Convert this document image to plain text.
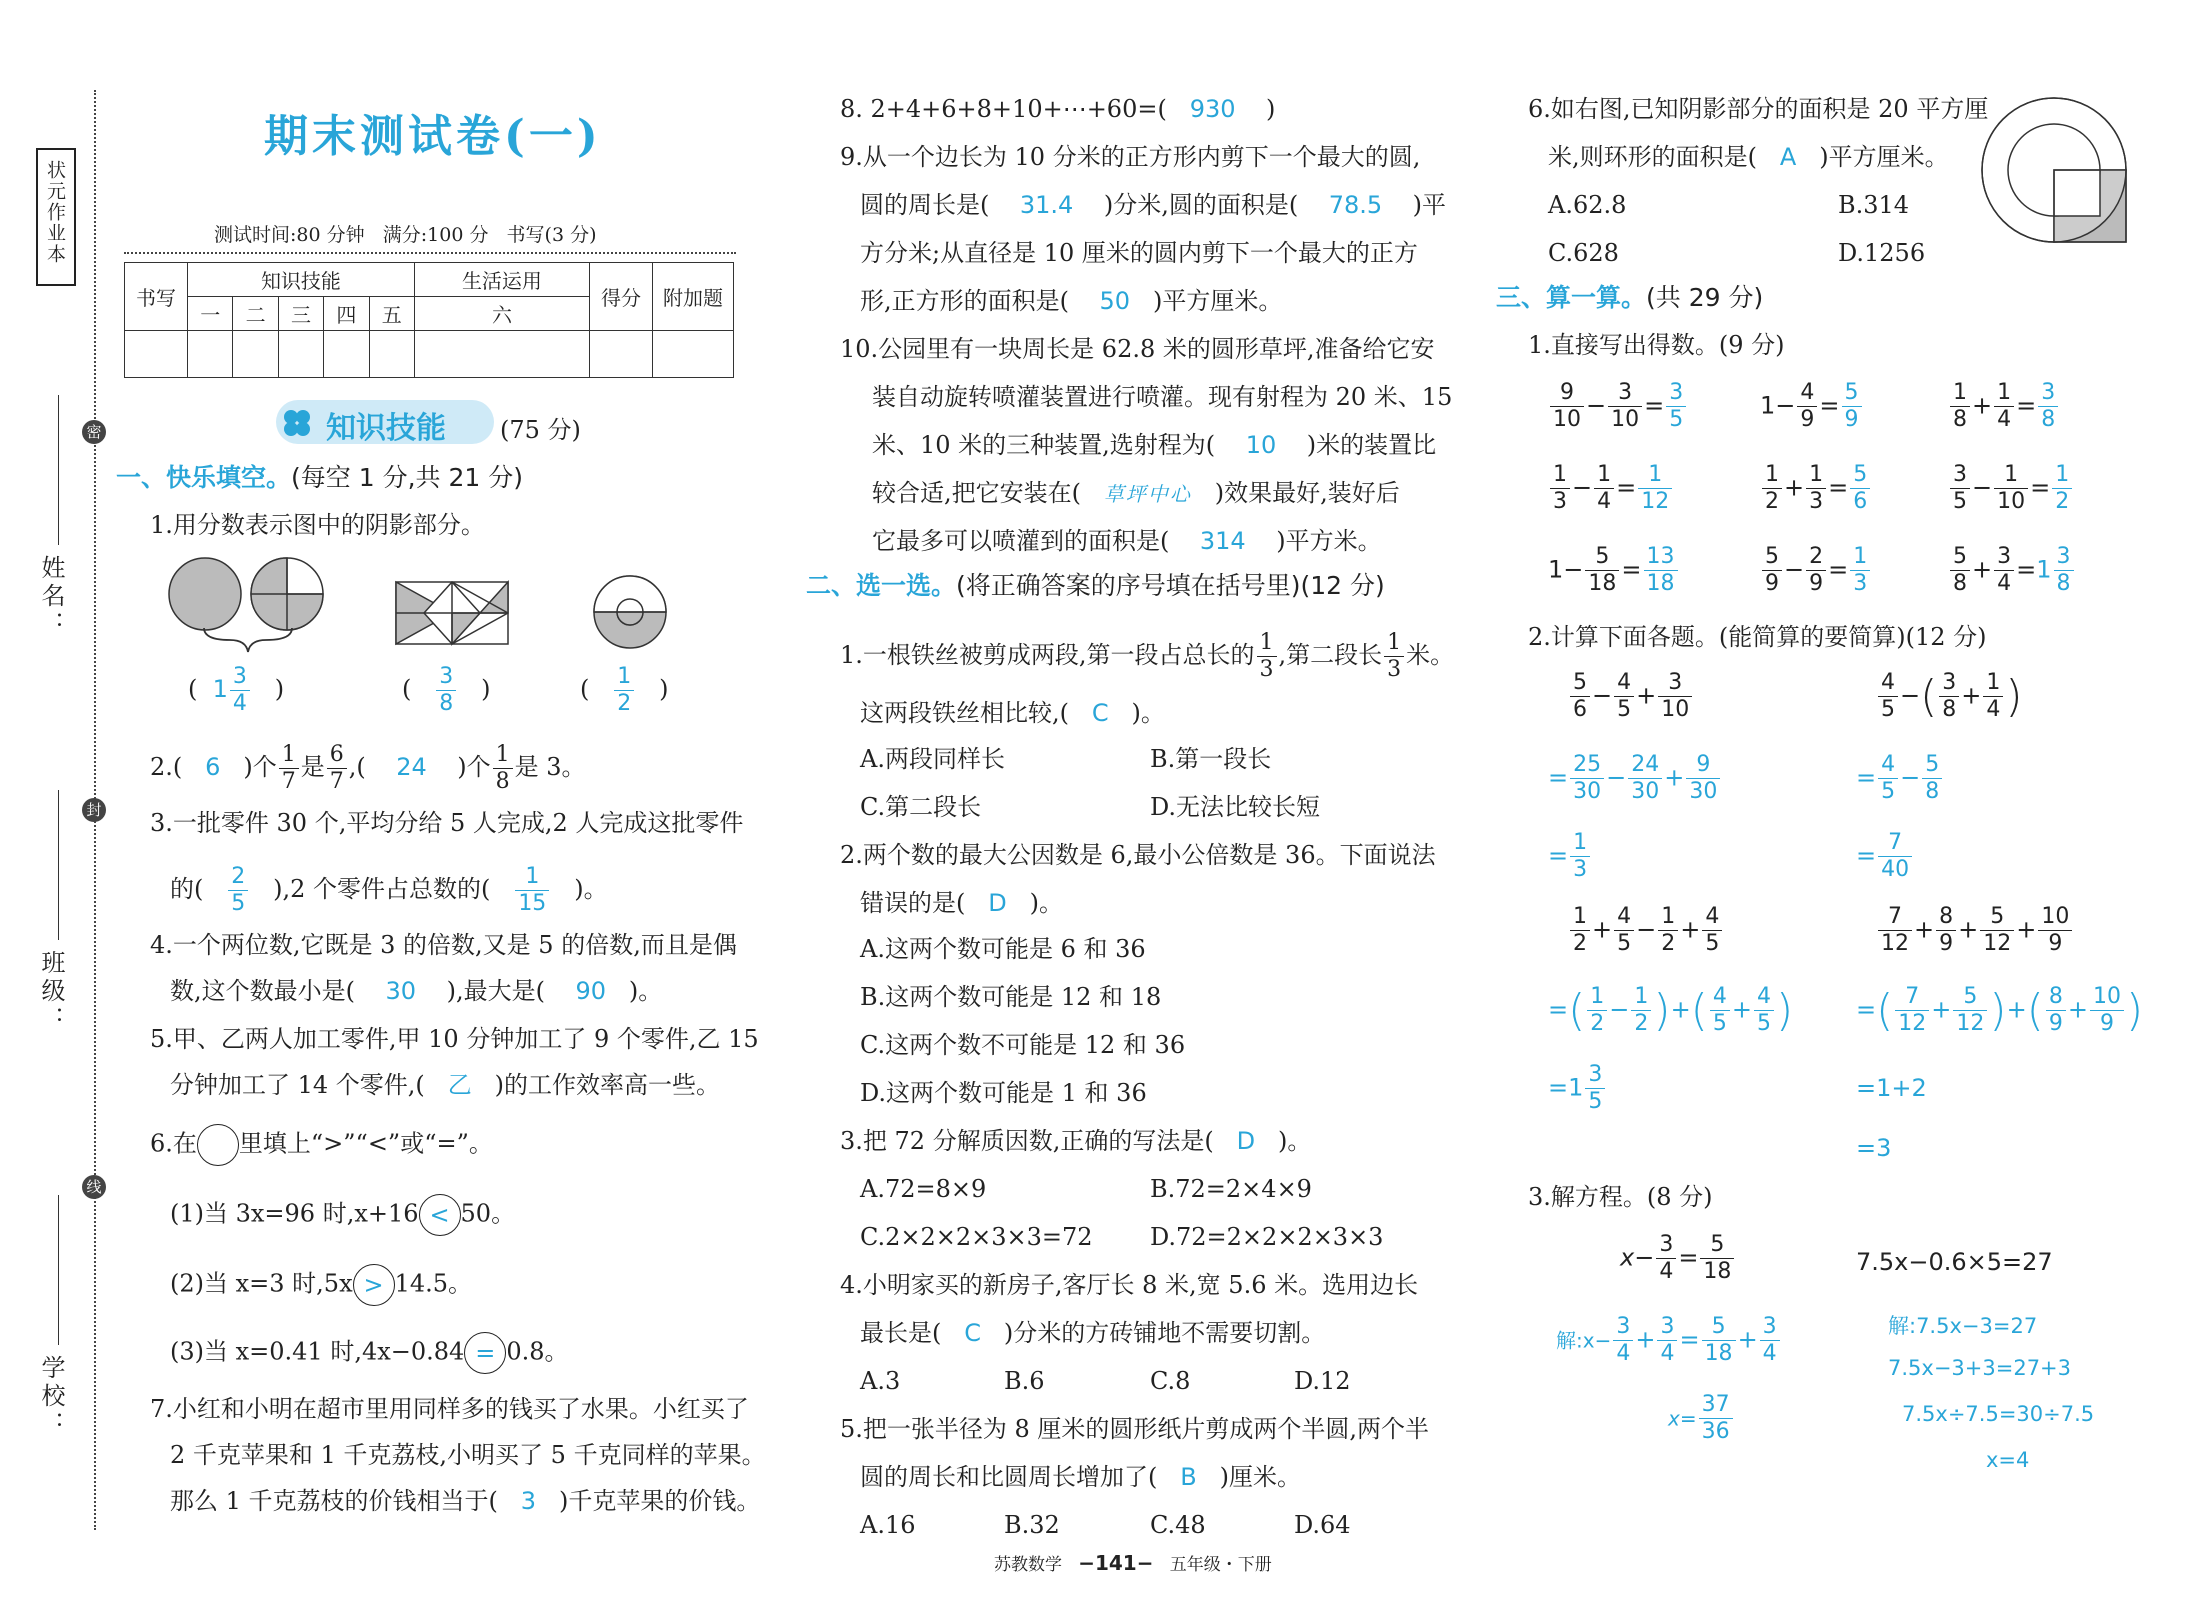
状元作业本
密
封
线
姓名：
班级：
学校：
期末测试卷(一)
测试时间:80 分钟   满分:100 分   书写(3 分)
书写	知识技能					生活运用	得分	附加题
	一	二	三	四	五	六		

知识技能 (75 分)
一、快乐填空。(每空 1 分,共 21 分)
1.用分数表示图中的阴影部分。
(  $1 \frac{3}{4}$ )	( $\frac{3}{8}$ )	( $\frac{1}{2}$ )
2.( 6 )个 $\frac{1}{7}$ 是 $\frac{6}{7}$ ,( 24 )个 $\frac{1}{8}$ 是 3。
3.一批零件 30 个,平均分给 5 人完成,2 人完成这批零件
的( $\frac{2}{5} ),2$ 个零件占总数的( $\frac{1}{15}$ )。
4.一个两位数,它既是 3 的倍数,又是 5 的倍数,而且是偶
数,这个数最小是( 30 ),最大是( 90 )。
5.甲、乙两人加工零件,甲 10 分钟加工了 9 个零件,乙 15
分钟加工了 14 个零件,( 乙 )的工作效率高一些。
6.在 里填上“>”“<”或“=”。
(1)当 3x=96 时,x+16 < 50。
(2)当 x=3 时,5x > 14.5。
(3)当 x=0.41 时,4x−0.84 = 0.8。
7.小红和小明在超市里用同样多的钱买了水果。小红买了
2 千克苹果和 1 千克荔枝,小明买了 5 千克同样的苹果。
那么 1 千克荔枝的价钱相当于( 3 )千克苹果的价钱。
8. 2+4+6+8+10+⋯+60=( 930 )
9.从一个边长为 10 分米的正方形内剪下一个最大的圆,
圆的周长是( 31.4 )分米,圆的面积是( 78.5 )平
方分米;从直径是 10 厘米的圆内剪下一个最大的正方
形,正方形的面积是( 50 )平方厘米。
10.公园里有一块周长是 62.8 米的圆形草坪,准备给它安
装自动旋转喷灌装置进行喷灌。现有射程为 20 米、15
米、10 米的三种装置,选射程为( 10 )米的装置比
较合适,把它安装在( 草坪中心 )效果最好,装好后
它最多可以喷灌到的面积是( 314 )平方米。
二、选一选。(将正确答案的序号填在括号里)(12 分)
1.一根铁丝被剪成两段,第一段占总长的 $\frac{1}{3}$ ,第二段长 $\frac{1}{3}$ 米。
这两段铁丝相比较,( C )。
A.两段同样长	B.第一段长
C.第二段长	D.无法比较长短
2.两个数的最大公因数是 6,最小公倍数是 36。下面说法
错误的是( D )。
A.这两个数可能是 6 和 36
B.这两个数可能是 12 和 18
C.这两个数不可能是 12 和 36
D.这两个数可能是 1 和 36
3.把 72 分解质因数,正确的写法是( D )。
A.72=8×9	B.72=2×4×9
C.2×2×2×3×3=72 D.72=2×2×2×3×3
4.小明家买的新房子,客厅长 8 米,宽 5.6 米。选用边长
最长是( C )分米的方砖铺地不需要切割。
A.3	B.6	C.8	D.12
5.把一张半径为 8 厘米的圆形纸片剪成两个半圆,两个半
圆的周长和比圆周长增加了( B )厘米。
A.16	B.32	C.48	D.64
苏教数学 −141− 五年级・下册
6.如右图,已知阴影部分的面积是 20 平方厘
米,则环形的面积是( A )平方厘米。
A.62.8	B.314
C.628	D.1256
三、算一算。(共 29 分)
1.直接写出得数。(9 分)
$\frac{9}{10} - \frac{3}{10} = \frac{3}{5}$	$1- \frac{4}{9} = \frac{5}{9}$	$\frac{1}{8} + \frac{1}{4} = \frac{3}{8}$
$\frac{1}{3} - \frac{1}{4} = \frac{1}{12}$	$\frac{1}{2} + \frac{1}{3} = \frac{5}{6}$	$\frac{3}{5} - \frac{1}{10} = \frac{1}{2}$
$1- \frac{5}{18} = \frac{13}{18}$	$\frac{5}{9} - \frac{2}{9} = \frac{1}{3}$	$\frac{5}{8} + \frac{3}{4} =1 \frac{3}{8}$
2.计算下面各题。(能简算的要简算)(12 分)
$\frac{5}{6} - \frac{4}{5} + \frac{3}{10}$
= $\frac{25}{30} - \frac{24}{30} + \frac{9}{30}$
= $\frac{1}{3}$
$\frac{4}{5}$ −( $\frac{3}{8} + \frac{1}{4}$ )
= $\frac{4}{5} - \frac{5}{8}$
= $\frac{7}{40}$
$\frac{1}{2} + \frac{4}{5} - \frac{1}{2} + \frac{4}{5}$
=( $\frac{1}{2} - \frac{1}{2}$ )+( $\frac{4}{5} + \frac{4}{5}$ )
$=1 \frac{3}{5}$
$\frac{7}{12} + \frac{8}{9} + \frac{5}{12} + \frac{10}{9}$
=( $\frac{7}{12} + \frac{5}{12}$ )+( $\frac{8}{9} + \frac{10}{9}$ )
=1+2
=3
3.解方程。(8 分)
$x- \frac{3}{4} = \frac{5}{18}$
解:x− $\frac{3}{4} + \frac{3}{4} = \frac{5}{18} + \frac{3}{4}$
$x= \frac{37}{36}$
7.5x−0.6×5=27
解:7.5x−3=27
7.5x−3+3=27+3
7.5x÷7.5=30÷7.5
x=4
